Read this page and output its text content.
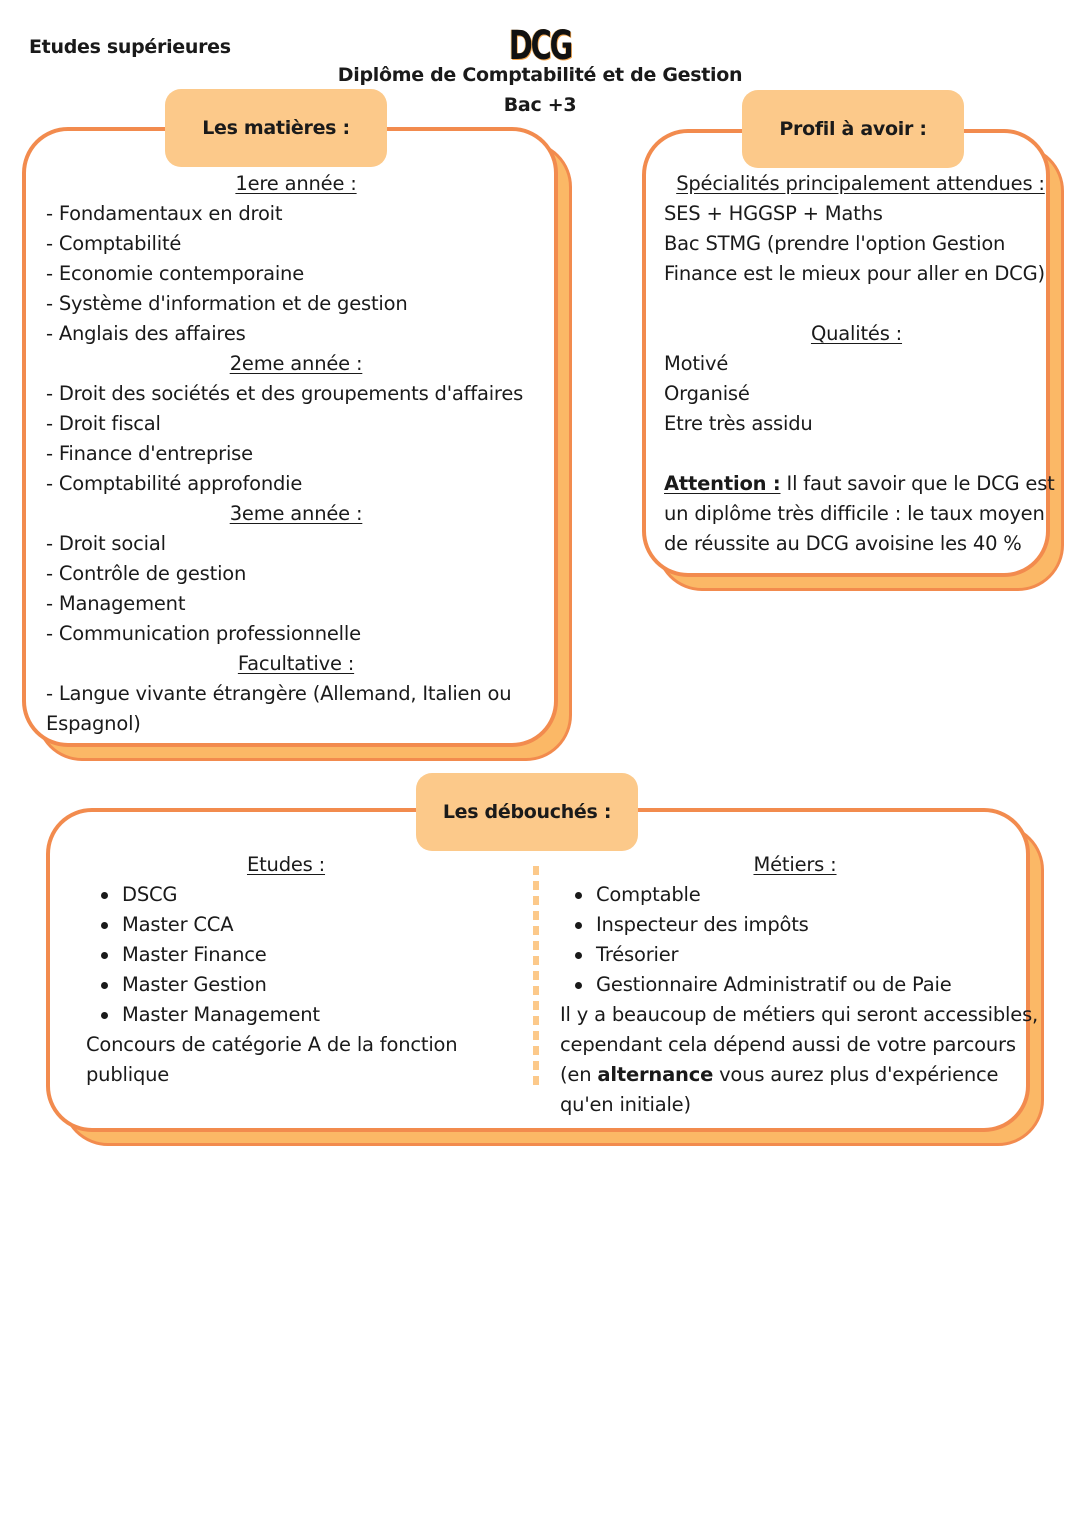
Etudes supérieures	DCG
Diplôme de Comptabilité et de Gestion
Bac +3
1ere année :
- Fondamentaux en droit
- Comptabilité
- Economie contemporaine
- Système d'information et de gestion
- Anglais des affaires
2eme année :
- Droit des sociétés et des groupements d'affaires
- Droit fiscal
- Finance d'entreprise
- Comptabilité approfondie
3eme année :
- Droit social
- Contrôle de gestion
- Management
- Communication professionnelle
Facultative :
- Langue vivante étrangère (Allemand, Italien ou
Espagnol)
Les matières :
Spécialités principalement attendues :
SES + HGGSP + Maths
Bac STMG (prendre l'option Gestion
Finance est le mieux pour aller en DCG)
Qualités :
Motivé
Organisé
Etre très assidu
Attention : Il faut savoir que le DCG est
un diplôme très difficile : le taux moyen
de réussite au DCG avoisine les 40 %
Profil à avoir :
Etudes :
DSCG
Master CCA
Master Finance
Master Gestion
Master Management
Concours de catégorie A de la fonction
publique
Métiers :
Comptable
Inspecteur des impôts
Trésorier
Gestionnaire Administratif ou de Paie
Il y a beaucoup de métiers qui seront accessibles,
cependant cela dépend aussi de votre parcours
(en alternance vous aurez plus d'expérience
qu'en initiale)
Les débouchés :
